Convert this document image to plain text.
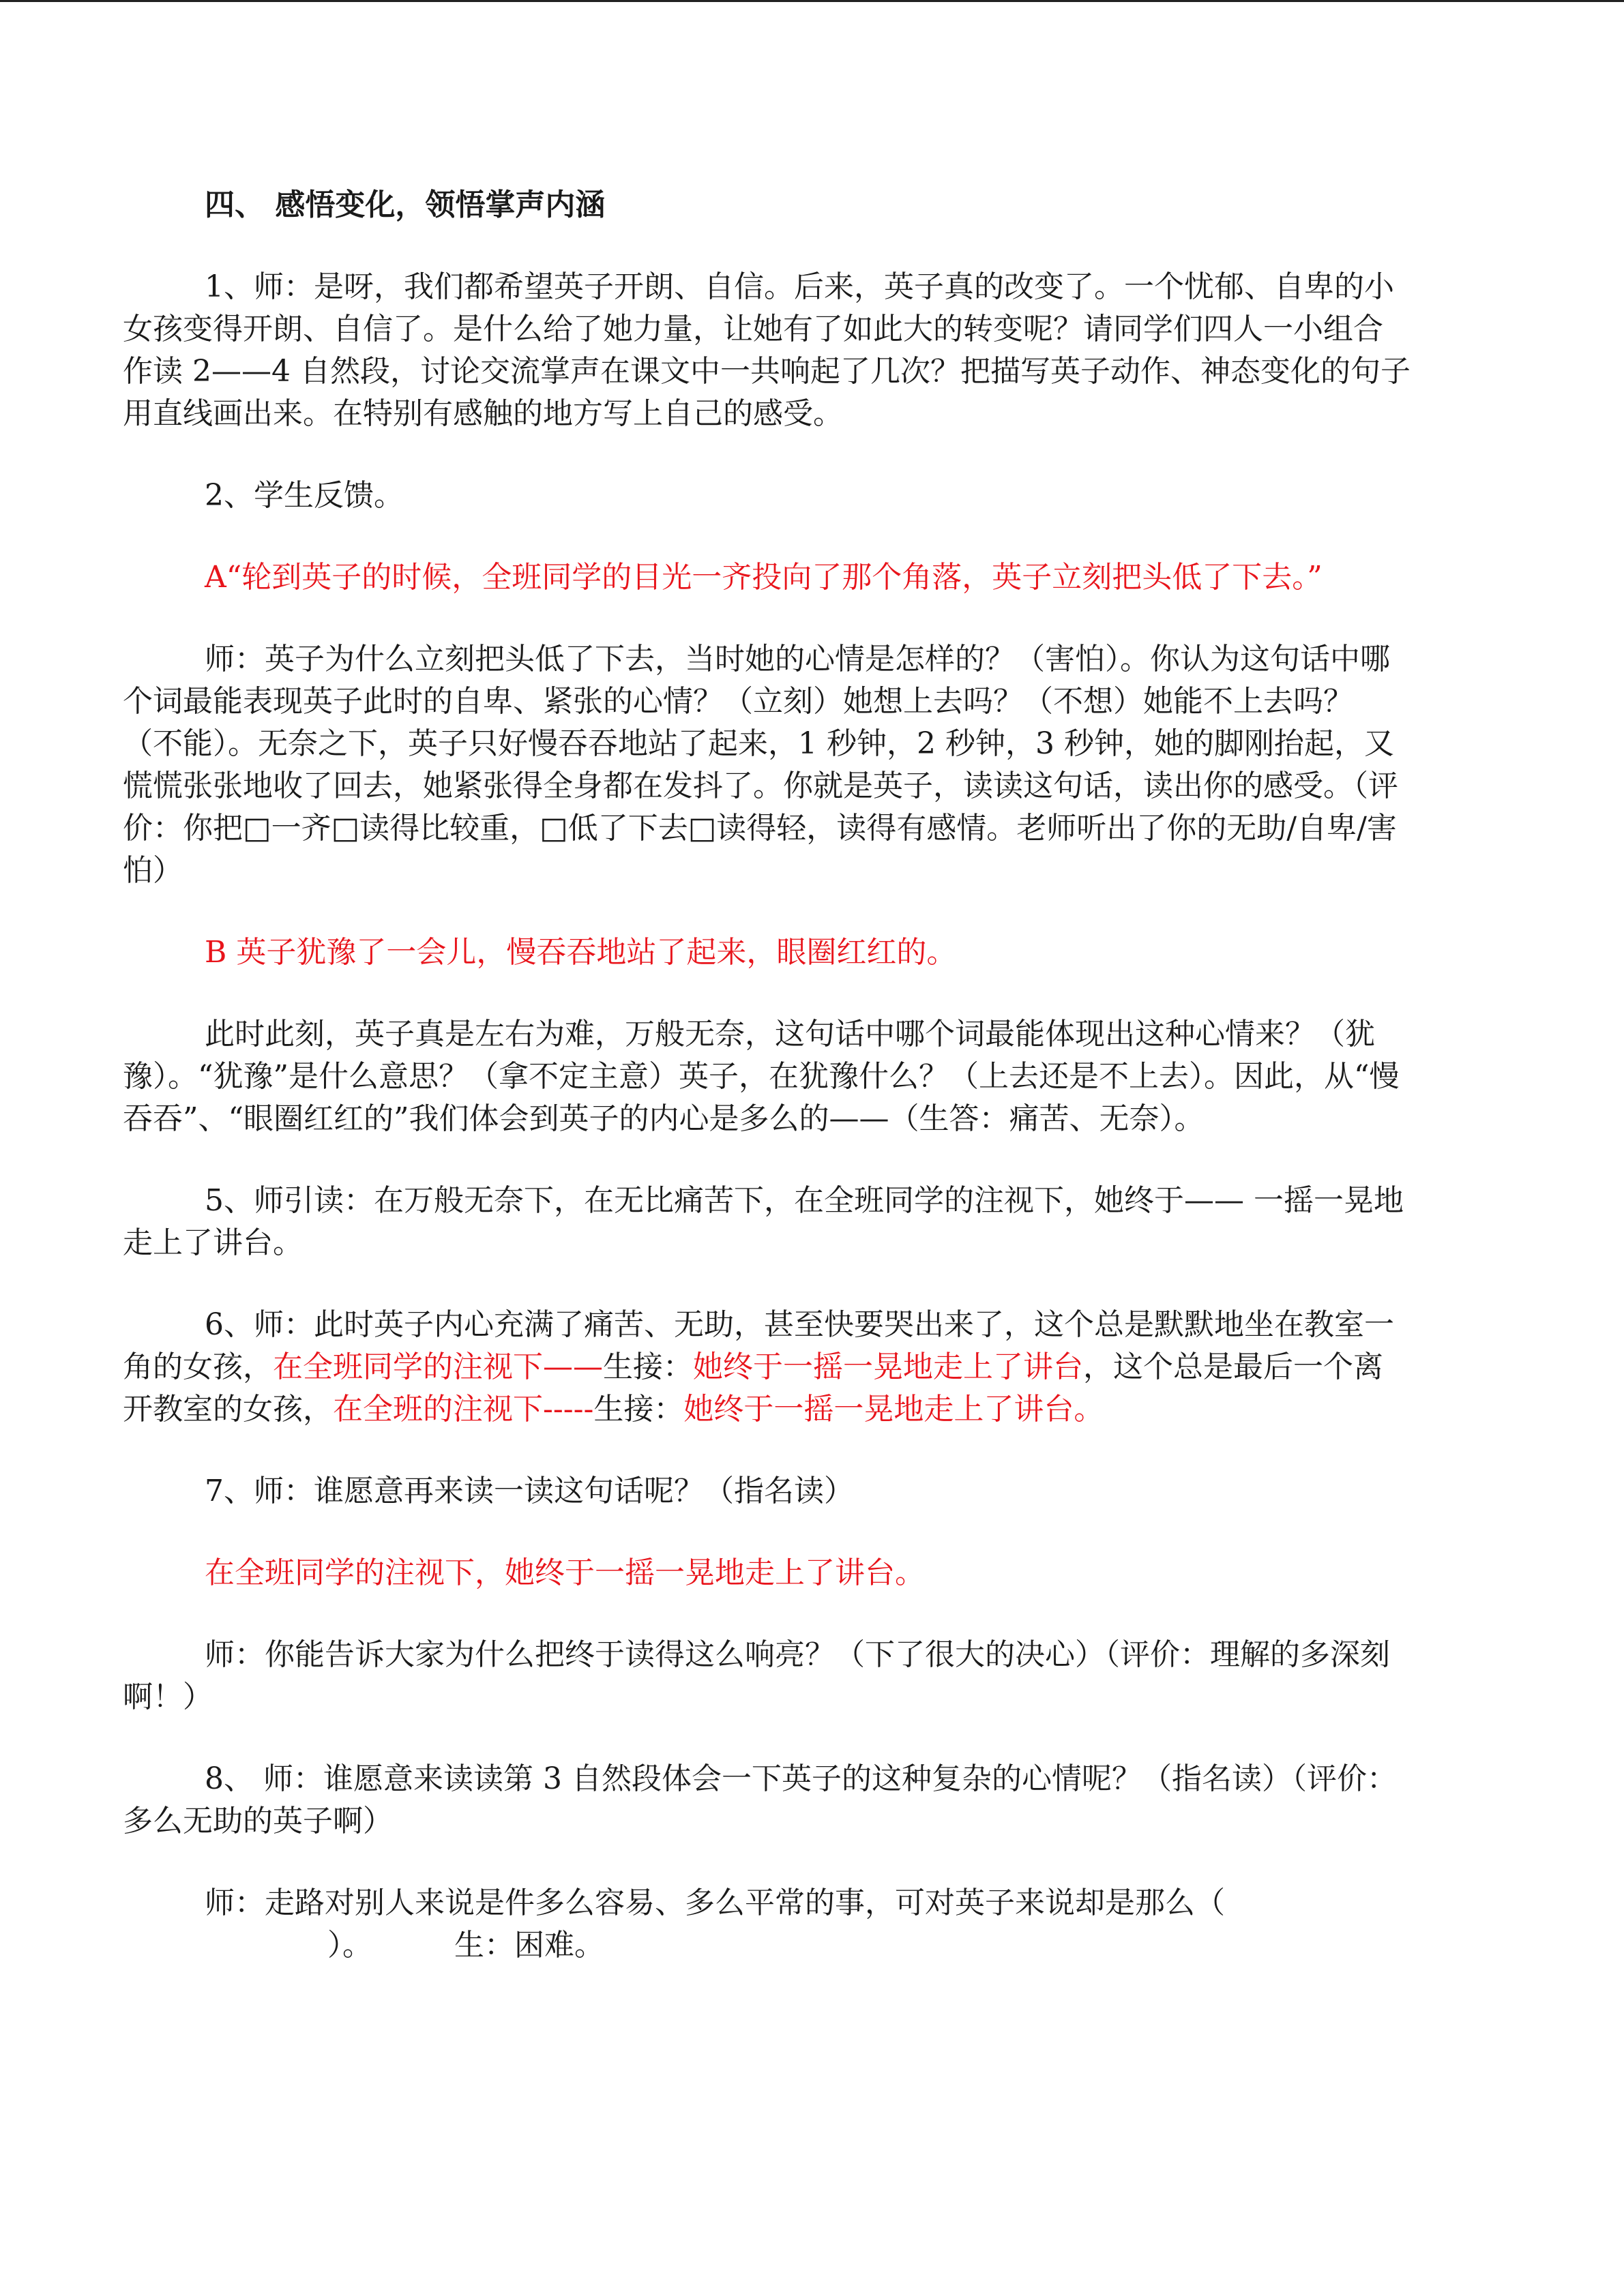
四、 感悟变化，领悟掌声内涵

1、师：是呀，我们都希望英子开朗、自信。后来，英子真的改变了。一个忧郁、自卑的小女孩变得开朗、自信了。是什么给了她力量，让她有了如此大的转变呢？请同学们四人一小组合作读 2——4 自然段，讨论交流掌声在课文中一共响起了几次？把描写英子动作、神态变化的句子用直线画出来。在特别有感触的地方写上自己的感受。

2、学生反馈。

A“轮到英子的时候，全班同学的目光一齐投向了那个角落，英子立刻把头低了下去。”

师：英子为什么立刻把头低了下去，当时她的心情是怎样的？（害怕）。你认为这句话中哪个词最能表现英子此时的自卑、紧张的心情？（立刻）她想上去吗？（不想）她能不上去吗？（不能）。无奈之下，英子只好慢吞吞地站了起来，1 秒钟，2 秒钟，3 秒钟，她的脚刚抬起，又慌慌张张地收了回去，她紧张得全身都在发抖了。你就是英子，读读这句话，读出你的感受。（评价：你把□一齐□读得比较重，□低了下去□读得轻，读得有感情。老师听出了你的无助/自卑/害怕）

B 英子犹豫了一会儿，慢吞吞地站了起来，眼圈红红的。

此时此刻，英子真是左右为难，万般无奈，这句话中哪个词最能体现出这种心情来？（犹豫）。“犹豫”是什么意思？（拿不定主意）英子，在犹豫什么？（上去还是不上去）。因此，从“慢吞吞”、“眼圈红红的”我们体会到英子的内心是多么的——（生答：痛苦、无奈）。

5、师引读：在万般无奈下，在无比痛苦下，在全班同学的注视下，她终于—— 一摇一晃地走上了讲台。

6、师：此时英子内心充满了痛苦、无助，甚至快要哭出来了，这个总是默默地坐在教室一角的女孩，在全班同学的注视下——生接：她终于一摇一晃地走上了讲台，这个总是最后一个离开教室的女孩，在全班的注视下-----生接：她终于一摇一晃地走上了讲台。

7、师：谁愿意再来读一读这句话呢？（指名读）

在全班同学的注视下，她终于一摇一晃地走上了讲台。

师：你能告诉大家为什么把终于读得这么响亮？（下了很大的决心）（评价：理解的多深刻啊！）

8、 师：谁愿意来读读第 3 自然段体会一下英子的这种复杂的心情呢？（指名读）（评价：多么无助的英子啊）

师：走路对别人来说是件多么容易、多么平常的事，可对英子来说却是那么（）。	生：困难。
